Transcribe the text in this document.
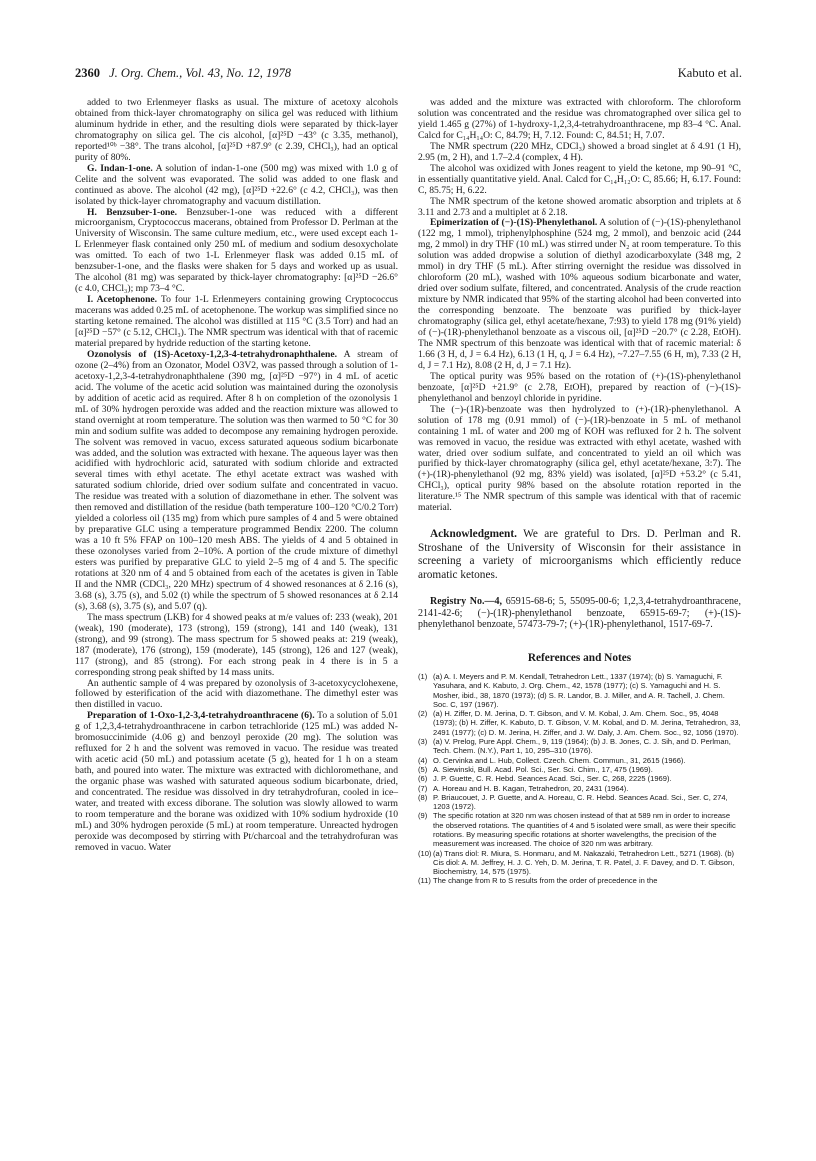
2360 J. Org. Chem., Vol. 43, No. 12, 1978	Kabuto et al.

added to two Erlenmeyer flasks as usual. The mixture of acetoxy alcohols obtained from thick-layer chromatography on silica gel was reduced with lithium aluminum hydride in ether, and the resulting diols were separated by thick-layer chromatography on silica gel. The cis alcohol, [α]²⁵D −43° (c 3.35, methanol), reported¹⁰ᵇ −38°. The trans alcohol, [α]²⁵D +87.9° (c 2.39, CHCl₃), had an optical purity of 80%.

G. Indan-1-one. A solution of indan-1-one (500 mg) was mixed with 1.0 g of Celite and the solvent was evaporated. The solid was added to one flask and continued as above. The alcohol (42 mg), [α]²⁵D +22.6° (c 4.2, CHCl₃), was then isolated by thick-layer chromatography and vacuum distillation.

H. Benzsuber-1-one. Benzsuber-1-one was reduced with a different microorganism, Cryptococcus macerans, obtained from Professor D. Perlman at the University of Wisconsin. The same culture medium, etc., were used except each 1-L Erlenmeyer flask contained only 250 mL of medium and sodium desoxycholate was omitted. To each of two 1-L Erlenmeyer flask was added 0.15 mL of benzsuber-1-one, and the flasks were shaken for 5 days and worked up as usual. The alcohol (81 mg) was separated by thick-layer chromatography: [α]²⁵D −26.6° (c 4.0, CHCl₃); mp 73–4 °C.

I. Acetophenone. To four 1-L Erlenmeyers containing growing Cryptococcus macerans was added 0.25 mL of acetophenone. The workup was simplified since no starting ketone remained. The alcohol was distilled at 115 °C (3.5 Torr) and had an [α]²⁵D −57° (c 5.12, CHCl₃). The NMR spectrum was identical with that of racemic material prepared by hydride reduction of the starting ketone.

Ozonolysis of (1S)-Acetoxy-1,2,3-4-tetrahydronaphthalene. A stream of ozone (2–4%) from an Ozonator, Model O3V2, was passed through a solution of 1-acetoxy-1,2,3-4-tetrahydronaphthalene (390 mg, [α]²⁵D −97°) in 4 mL of acetic acid. The volume of the acetic acid solution was maintained during the ozonolysis by addition of acetic acid as required. After 8 h on completion of the ozonolysis 1 mL of 30% hydrogen peroxide was added and the reaction mixture was allowed to stand overnight at room temperature. The solution was then warmed to 50 °C for 30 min and sodium sulfite was added to decompose any remaining hydrogen peroxide. The solvent was removed in vacuo, excess saturated aqueous sodium bicarbonate was added, and the solution was extracted with hexane. The aqueous layer was then acidified with hydrochloric acid, saturated with sodium chloride and extracted several times with ethyl acetate. The ethyl acetate extract was washed with saturated sodium chloride, dried over sodium sulfate and concentrated in vacuo. The residue was treated with a solution of diazomethane in ether. The solvent was then removed and distillation of the residue (bath temperature 100–120 °C/0.2 Torr) yielded a colorless oil (135 mg) from which pure samples of 4 and 5 were obtained by preparative GLC using a temperature programmed Bendix 2200. The column was a 10 ft 5% FFAP on 100–120 mesh ABS. The yields of 4 and 5 obtained in these ozonolyses varied from 2–10%. A portion of the crude mixture of dimethyl esters was purified by preparative GLC to yield 2–5 mg of 4 and 5. The specific rotations at 320 nm of 4 and 5 obtained from each of the acetates is given in Table II and the NMR (CDCl₃, 220 MHz) spectrum of 4 showed resonances at δ 2.16 (s), 3.68 (s), 3.75 (s), and 5.02 (t) while the spectrum of 5 showed resonances at δ 2.14 (s), 3.68 (s), 3.75 (s), and 5.07 (q).

The mass spectrum (LKB) for 4 showed peaks at m/e values of: 233 (weak), 201 (weak), 190 (moderate), 173 (strong), 159 (strong), 141 and 140 (weak), 131 (strong), and 99 (strong). The mass spectrum for 5 showed peaks at: 219 (weak), 187 (moderate), 176 (strong), 159 (moderate), 145 (strong), 126 and 127 (weak), 117 (strong), and 85 (strong). For each strong peak in 4 there is in 5 a corresponding strong peak shifted by 14 mass units.

An authentic sample of 4 was prepared by ozonolysis of 3-acetoxycyclohexene, followed by esterification of the acid with diazomethane. The dimethyl ester was then distilled in vacuo.

Preparation of 1-Oxo-1,2-3,4-tetrahydroanthracene (6). To a solution of 5.01 g of 1,2,3,4-tetrahydroanthracene in carbon tetrachloride (125 mL) was added N-bromosuccinimide (4.06 g) and benzoyl peroxide (20 mg). The solution was refluxed for 2 h and the solvent was removed in vacuo. The residue was treated with acetic acid (50 mL) and potassium acetate (5 g), heated for 1 h on a steam bath, and poured into water. The mixture was extracted with dichloromethane, and the organic phase was washed with saturated aqueous sodium bicarbonate, dried, and concentrated. The residue was dissolved in dry tetrahydrofuran, cooled in ice–water, and treated with excess diborane. The solution was slowly allowed to warm to room temperature and the borane was oxidized with 10% sodium hydroxide (10 mL) and 30% hydrogen peroxide (5 mL) at room temperature. Unreacted hydrogen peroxide was decomposed by stirring with Pt/charcoal and the tetrahydrofuran was removed in vacuo. Water

was added and the mixture was extracted with chloroform. The chloroform solution was concentrated and the residue was chromatographed over silica gel to yield 1.465 g (27%) of 1-hydroxy-1,2,3,4-tetrahydroanthracene, mp 83–4 °C. Anal. Calcd for C₁₄H₁₄O: C, 84.79; H, 7.12. Found: C, 84.51; H, 7.07.

The NMR spectrum (220 MHz, CDCl₃) showed a broad singlet at δ 4.91 (1 H), 2.95 (m, 2 H), and 1.7–2.4 (complex, 4 H).

The alcohol was oxidized with Jones reagent to yield the ketone, mp 90–91 °C, in essentially quantitative yield. Anal. Calcd for C₁₄H₁₂O: C, 85.66; H, 6.17. Found: C, 85.75; H, 6.22.

The NMR spectrum of the ketone showed aromatic absorption and triplets at δ 3.11 and 2.73 and a multiplet at δ 2.18.

Epimerization of (−)-(1S)-Phenylethanol. A solution of (−)-(1S)-phenylethanol (122 mg, 1 mmol), triphenylphosphine (524 mg, 2 mmol), and benzoic acid (244 mg, 2 mmol) in dry THF (10 mL) was stirred under N₂ at room temperature. To this solution was added dropwise a solution of diethyl azodicarboxylate (348 mg, 2 mmol) in dry THF (5 mL). After stirring overnight the residue was dissolved in chloroform (20 mL), washed with 10% aqueous sodium bicarbonate and water, dried over sodium sulfate, filtered, and concentrated. Analysis of the crude reaction mixture by NMR indicated that 95% of the starting alcohol had been converted into the corresponding benzoate. The benzoate was purified by thick-layer chromatography (silica gel, ethyl acetate/hexane, 7:93) to yield 178 mg (91% yield) of (−)-(1R)-phenylethanol benzoate as a viscous oil, [α]²⁵D −20.7° (c 2.28, EtOH). The NMR spectrum of this benzoate was identical with that of racemic material: δ 1.66 (3 H, d, J = 6.4 Hz), 6.13 (1 H, q, J = 6.4 Hz), ~7.27–7.55 (6 H, m), 7.33 (2 H, d, J = 7.1 Hz), 8.08 (2 H, d, J = 7.1 Hz).

The optical purity was 95% based on the rotation of (+)-(1S)-phenylethanol benzoate, [α]²⁵D +21.9° (c 2.78, EtOH), prepared by reaction of (−)-(1S)-phenylethanol and benzoyl chloride in pyridine.

The (−)-(1R)-benzoate was then hydrolyzed to (+)-(1R)-phenylethanol. A solution of 178 mg (0.91 mmol) of (−)-(1R)-benzoate in 5 mL of methanol containing 1 mL of water and 200 mg of KOH was refluxed for 2 h. The solvent was removed in vacuo, the residue was extracted with ethyl acetate, washed with water, dried over sodium sulfate, and concentrated to yield an oil which was purified by thick-layer chromatography (silica gel, ethyl acetate/hexane, 3:7). The (+)-(1R)-phenylethanol (92 mg, 83% yield) was isolated, [α]²⁵D +53.2° (c 5.41, CHCl₃), optical purity 98% based on the absolute rotation reported in the literature.¹⁵ The NMR spectrum of this sample was identical with that of racemic material.

Acknowledgment. We are grateful to Drs. D. Perlman and R. Stroshane of the University of Wisconsin for their assistance in screening a variety of microorganisms which efficiently reduce aromatic ketones.

Registry No.—4, 65915-68-6; 5, 55095-00-6; 1,2,3,4-tetrahydroanthracene, 2141-42-6; (−)-(1R)-phenylethanol benzoate, 65915-69-7; (+)-(1S)-phenylethanol benzoate, 57473-79-7; (+)-(1R)-phenylethanol, 1517-69-7.

References and Notes
(1) (a) A. I. Meyers and P. M. Kendall, Tetrahedron Lett., 1337 (1974); (b) S. Yamaguchi, F. Yasuhara, and K. Kabuto, J. Org. Chem., 42, 1578 (1977); (c) S. Yamaguchi and H. S. Mosher, ibid., 38, 1870 (1973); (d) S. R. Landor, B. J. Miller, and A. R. Tachell, J. Chem. Soc. C, 197 (1967).
(2) (a) H. Ziffer, D. M. Jerina, D. T. Gibson, and V. M. Kobal, J. Am. Chem. Soc., 95, 4048 (1973); (b) H. Ziffer, K. Kabuto, D. T. Gibson, V. M. Kobal, and D. M. Jerina, Tetrahedron, 33, 2491 (1977); (c) D. M. Jerina, H. Ziffer, and J. W. Daly, J. Am. Chem. Soc., 92, 1056 (1970).
(3) (a) V. Prelog, Pure Appl. Chem., 9, 119 (1964); (b) J. B. Jones, C. J. Sih, and D. Perlman, Tech. Chem. (N.Y.), Part 1, 10, 295–310 (1976).
(4) O. Cervinka and L. Hub, Collect. Czech. Chem. Commun., 31, 2615 (1966).
(5) A. Siewinski, Bull. Acad. Pol. Sci., Ser. Sci. Chim., 17, 475 (1969).
(6) J. P. Guette, C. R. Hebd. Seances Acad. Sci., Ser. C, 268, 2225 (1969).
(7) A. Horeau and H. B. Kagan, Tetrahedron, 20, 2431 (1964).
(8) P. Briaucouet, J. P. Guette, and A. Horeau, C. R. Hebd. Seances Acad. Sci., Ser. C, 274, 1203 (1972).
(9) The specific rotation at 320 nm was chosen instead of that at 589 nm in order to increase the observed rotations. The quantities of 4 and 5 isolated were small, as were their specific rotations. By measuring specific rotations at shorter wavelengths, the precision of the measurement was increased. The choice of 320 nm was arbitrary.
(10) (a) Trans diol: R. Miura, S. Honmaru, and M. Nakazaki, Tetrahedron Lett., 5271 (1968). (b) Cis diol: A. M. Jeffrey, H. J. C. Yeh, D. M. Jerina, T. R. Patel, J. F. Davey, and D. T. Gibson, Biochemistry, 14, 575 (1975).
(11) The change from R to S results from the order of precedence in the
